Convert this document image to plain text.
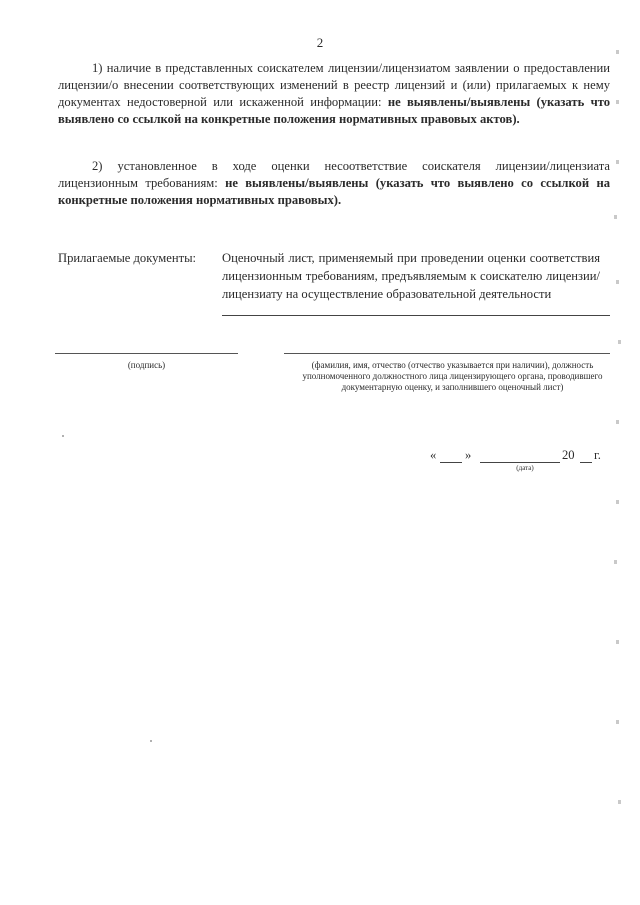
2
1) наличие в представленных соискателем лицензии/лицензиатом заявлении о предоставлении лицензии/о внесении соответствующих изменений в реестр лицензий и (или) прилагаемых к нему документах недостоверной или искаженной информации: не выявлены/выявлены (указать что выявлено со ссылкой на конкретные положения нормативных правовых актов).
2) установленное в ходе оценки несоответствие соискателя лицензии/лицензиата лицензионным требованиям: не выявлены/выявлены (указать что выявлено со ссылкой на конкретные положения нормативных правовых).
Прилагаемые документы:	Оценочный лист, применяемый при проведении оценки соответствия лицензионным требованиям, предъявляемым к соискателю лицензии/лицензиату на осуществление образовательной деятельности
(подпись)	(фамилия, имя, отчество (отчество указывается при наличии), должность уполномоченного должностного лица лицензирующего органа, проводившего документарную оценку, и заполнившего оценочный лист)
« »	20 г.
(дата)
